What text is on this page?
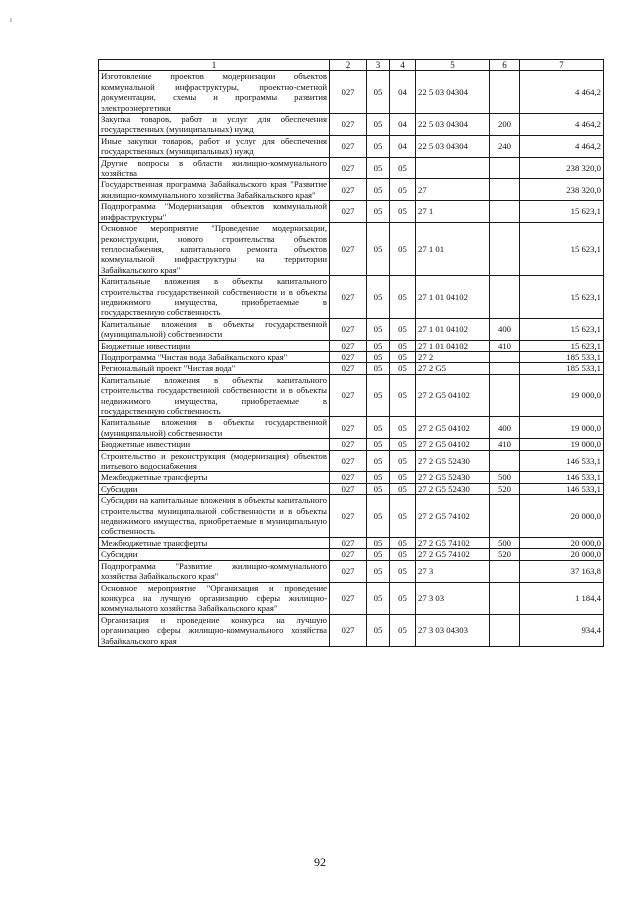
ı
1	2	3	4	5	6	7
Изготовление проектов модернизации объектов коммунальной инфраструктуры, проектно-сметной документации, схемы и программы развития электроэнергетики	027	05	04	22 5 03 04304		4 464,2
Закупка товаров, работ и услуг для обеспечения государственных (муниципальных) нужд	027	05	04	22 5 03 04304	200	4 464,2
Иные закупки товаров, работ и услуг для обеспечения государственных (муниципальных) нужд	027	05	04	22 5 03 04304	240	4 464,2
Другие вопросы в области жилищно-коммунального хозяйства	027	05	05			238 320,0
Государственная программа Забайкальского края "Развитие жилищно-коммунального хозяйства Забайкальского края"	027	05	05	27		238 320,0
Подпрограмма "Модернизация объектов коммунальной инфраструктуры"	027	05	05	27 1		15 623,1
Основное мероприятие "Проведение модернизации, реконструкции, нового строительства объектов теплоснабжения, капитального ремонта объектов коммунальной инфраструктуры на территории Забайкальского края"	027	05	05	27 1 01		15 623,1
Капитальные вложения в объекты капитального строительства государственной собственности и в объекты недвижимого имущества, приобретаемые в государственную собственность	027	05	05	27 1 01 04102		15 623,1
Капитальные вложения в объекты государственной (муниципальной) собственности	027	05	05	27 1 01 04102	400	15 623,1
Бюджетные инвестиции	027	05	05	27 1 01 04102	410	15 623,1
Подпрограмма "Чистая вода Забайкальского края"	027	05	05	27 2		185 533,1
Региональный проект "Чистая вода"	027	05	05	27 2 G5		185 533,1
Капитальные вложения в объекты капитального строительства государственной собственности и в объекты недвижимого имущества, приобретаемые в государственную собственность	027	05	05	27 2 G5 04102		19 000,0
Капитальные вложения в объекты государственной (муниципальной) собственности	027	05	05	27 2 G5 04102	400	19 000,0
Бюджетные инвестиции	027	05	05	27 2 G5 04102	410	19 000,0
Строительство и реконструкция (модернизация) объектов питьевого водоснабжения	027	05	05	27 2 G5 52430		146 533,1
Межбюджетные трансферты	027	05	05	27 2 G5 52430	500	146 533,1
Субсидии	027	05	05	27 2 G5 52430	520	146 533,1
Субсидии на капитальные вложения в объекты капитального строительства муниципальной собственности и в объекты недвижимого имущества, приобретаемые в муниципальную собственность	027	05	05	27 2 G5 74102		20 000,0
Межбюджетные трансферты	027	05	05	27 2 G5 74102	500	20 000,0
Субсидии	027	05	05	27 2 G5 74102	520	20 000,0
Подпрограмма "Развитие жилищно-коммунального хозяйства Забайкальского края"	027	05	05	27 3		37 163,8
Основное мероприятие "Организация и проведение конкурса на лучшую организацию сферы жилищно-коммунального хозяйства Забайкальского края"	027	05	05	27 3 03		1 184,4
Организация и проведение конкурса на лучшую организацию сферы жилищно-коммунального хозяйства Забайкальского края	027	05	05	27 3 03 04303		934,4
92
